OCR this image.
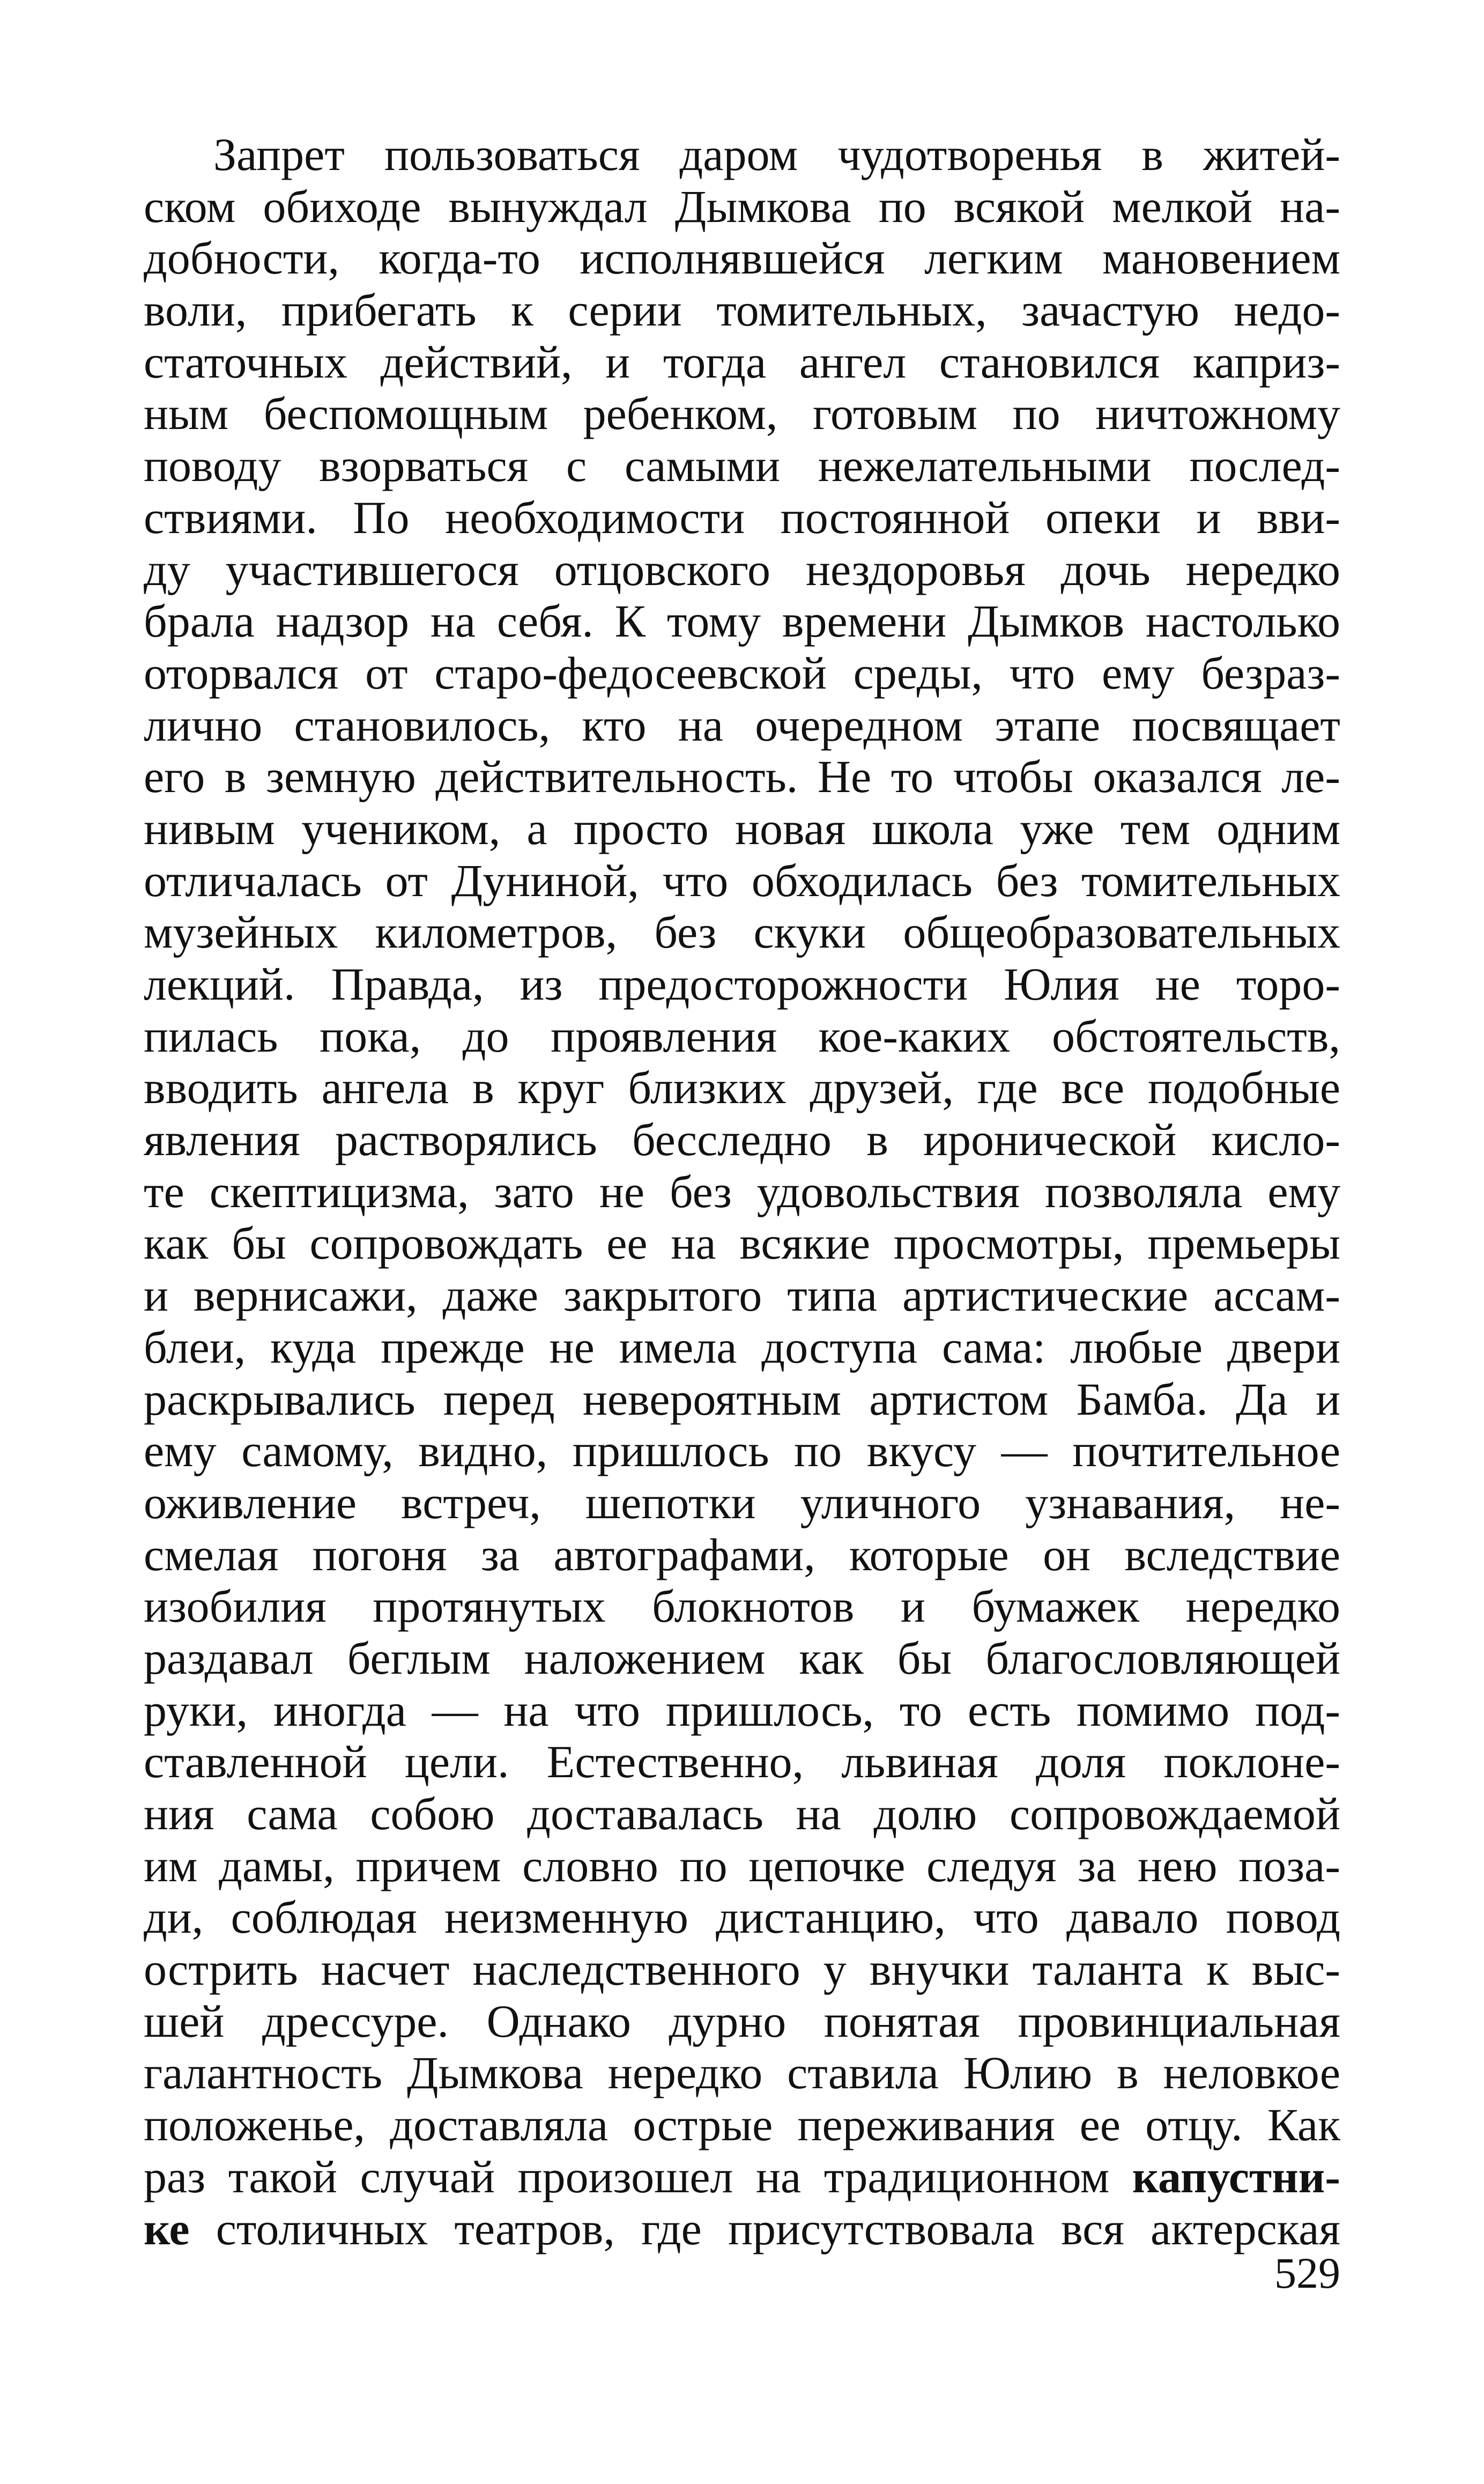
Запрет пользоваться даром чудотворенья в житей-
ском обиходе вынуждал Дымкова по всякой мелкой на-
добности, когда-то исполнявшейся легким мановением
воли, прибегать к серии томительных, зачастую недо-
статочных действий, и тогда ангел становился каприз-
ным беспомощным ребенком, готовым по ничтожному
поводу взорваться с самыми нежелательными послед-
ствиями. По необходимости постоянной опеки и вви-
ду участившегося отцовского нездоровья дочь нередко
брала надзор на себя. К тому времени Дымков настолько
оторвался от старо-федосеевской среды, что ему безраз-
лично становилось, кто на очередном этапе посвящает
его в земную действительность. Не то чтобы оказался ле-
нивым учеником, а просто новая школа уже тем одним
отличалась от Дуниной, что обходилась без томительных
музейных километров, без скуки общеобразовательных
лекций. Правда, из предосторожности Юлия не торо-
пилась пока, до проявления кое-каких обстоятельств,
вводить ангела в круг близких друзей, где все подобные
явления растворялись бесследно в иронической кисло-
те скептицизма, зато не без удовольствия позволяла ему
как бы сопровождать ее на всякие просмотры, премьеры
и вернисажи, даже закрытого типа артистические ассам-
блеи, куда прежде не имела доступа сама: любые двери
раскрывались перед невероятным артистом Бамба. Да и
ему самому, видно, пришлось по вкусу — почтительное
оживление встреч, шепотки уличного узнавания, не-
смелая погоня за автографами, которые он вследствие
изобилия протянутых блокнотов и бумажек нередко
раздавал беглым наложением как бы благословляющей
руки, иногда — на что пришлось, то есть помимо под-
ставленной цели. Естественно, львиная доля поклоне-
ния сама собою доставалась на долю сопровождаемой
им дамы, причем словно по цепочке следуя за нею поза-
ди, соблюдая неизменную дистанцию, что давало повод
острить насчет наследственного у внучки таланта к выс-
шей дрессуре. Однако дурно понятая провинциальная
галантность Дымкова нередко ставила Юлию в неловкое
положенье, доставляла острые переживания ее отцу. Как
раз такой случай произошел на традиционном капустни-
ке столичных театров, где присутствовала вся актерская
529
